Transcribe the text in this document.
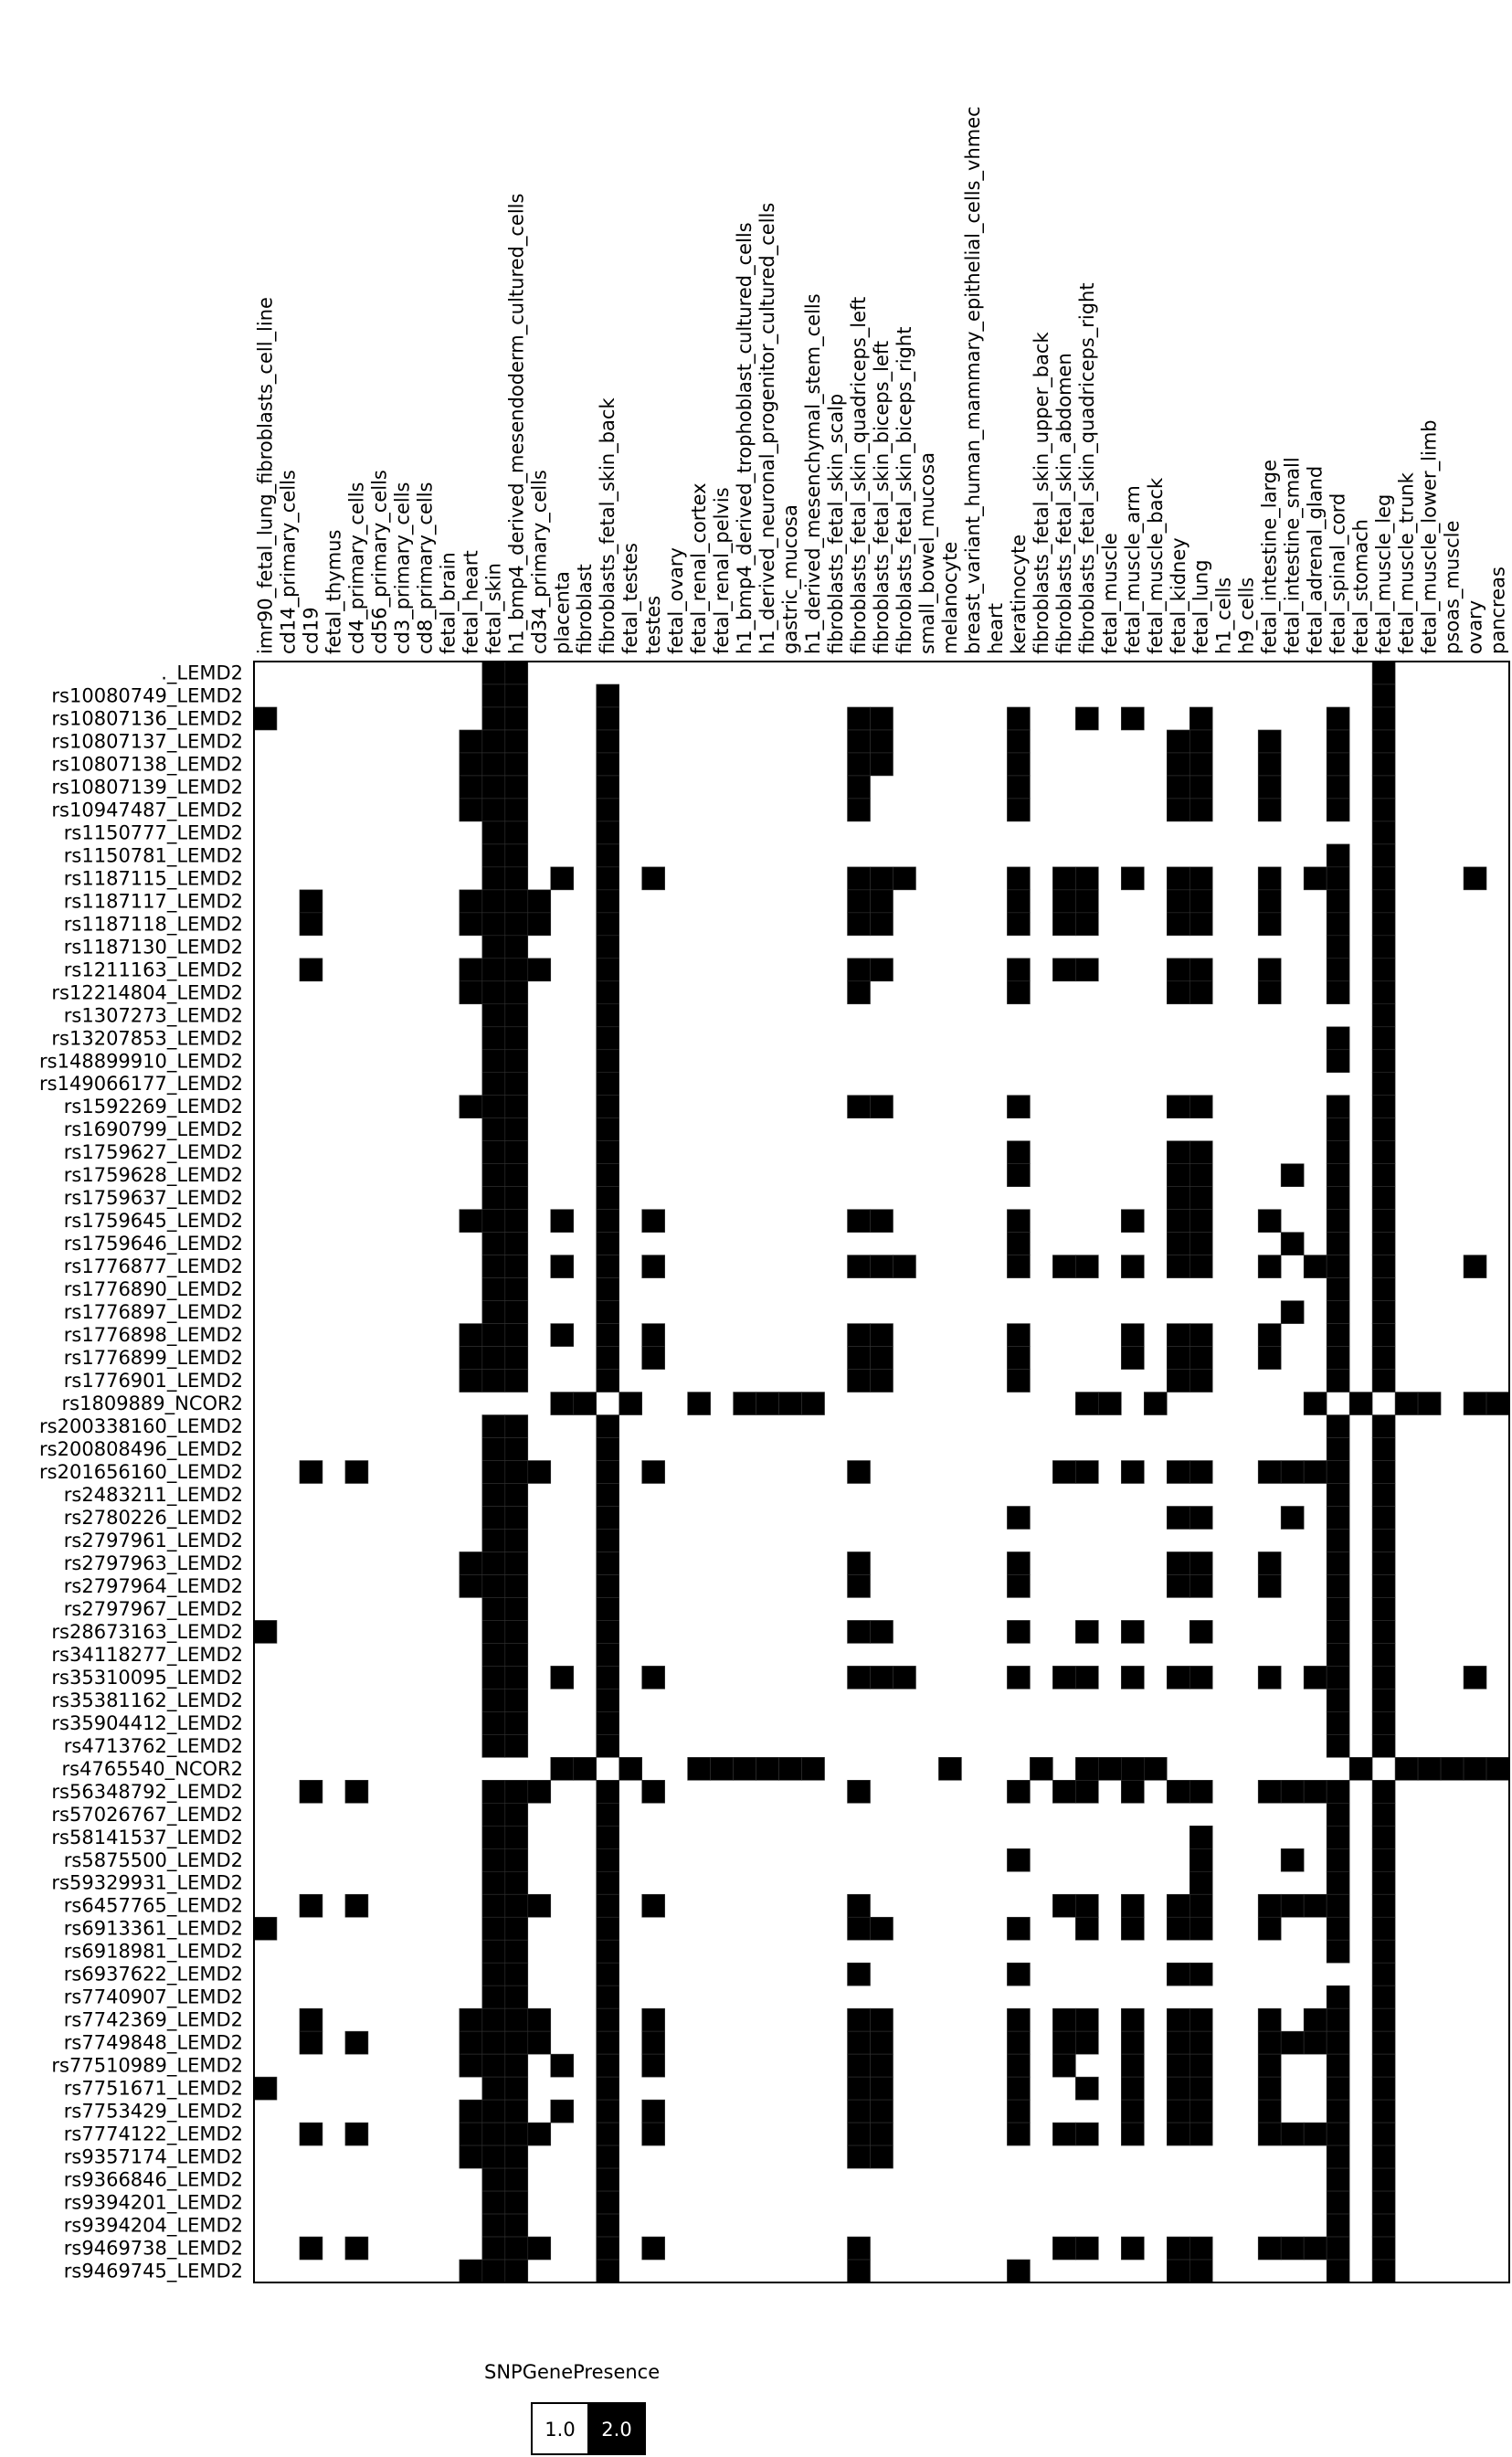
imr90_fetal_lung_fibroblasts_cell_line cd14_primary_cells cd19 fetal_thymus cd4_primary_cells cd56_primary_cells cd3_primary_cells cd8_primary_cells fetal_brain fetal_heart fetal_skin h1_bmp4_derived_mesendoderm_cultured_cells cd34_primary_cells placenta fibroblast fibroblasts_fetal_skin_back fetal_testes testes fetal_ovary fetal_renal_cortex fetal_renal_pelvis h1_bmp4_derived_trophoblast_cultured_cells h1_derived_neuronal_progenitor_cultured_cells gastric_mucosa h1_derived_mesenchymal_stem_cells fibroblasts_fetal_skin_scalp fibroblasts_fetal_skin_quadriceps_left fibroblasts_fetal_skin_biceps_left fibroblasts_fetal_skin_biceps_right small_bowel_mucosa melanocyte breast_variant_human_mammary_epithelial_cells_vhmec heart keratinocyte fibroblasts_fetal_skin_upper_back fibroblasts_fetal_skin_abdomen fibroblasts_fetal_skin_quadriceps_right fetal_muscle fetal_muscle_arm fetal_muscle_back fetal_kidney fetal_lung h1_cells h9_cells fetal_intestine_large fetal_intestine_small fetal_adrenal_gland fetal_spinal_cord fetal_stomach fetal_muscle_leg fetal_muscle_trunk fetal_muscle_lower_limb psoas_muscle ovary pancreas
._LEMD2
rs10080749_LEMD2
rs10807136_LEMD2
rs10807137_LEMD2
rs10807138_LEMD2
rs10807139_LEMD2
rs10947487_LEMD2
rs1150777_LEMD2
rs1150781_LEMD2
rs1187115_LEMD2
rs1187117_LEMD2
rs1187118_LEMD2
rs1187130_LEMD2
rs1211163_LEMD2
rs12214804_LEMD2
rs1307273_LEMD2
rs13207853_LEMD2
rs148899910_LEMD2
rs149066177_LEMD2
rs1592269_LEMD2
rs1690799_LEMD2
rs1759627_LEMD2
rs1759628_LEMD2
rs1759637_LEMD2
rs1759645_LEMD2
rs1759646_LEMD2
rs1776877_LEMD2
rs1776890_LEMD2
rs1776897_LEMD2
rs1776898_LEMD2
rs1776899_LEMD2
rs1776901_LEMD2
rs1809889_NCOR2
rs200338160_LEMD2
rs200808496_LEMD2
rs201656160_LEMD2
rs2483211_LEMD2
rs2780226_LEMD2
rs2797961_LEMD2
rs2797963_LEMD2
rs2797964_LEMD2
rs2797967_LEMD2
rs28673163_LEMD2
rs34118277_LEMD2
rs35310095_LEMD2
rs35381162_LEMD2
rs35904412_LEMD2
rs4713762_LEMD2
rs4765540_NCOR2
rs56348792_LEMD2
rs57026767_LEMD2
rs58141537_LEMD2
rs5875500_LEMD2
rs59329931_LEMD2
rs6457765_LEMD2
rs6913361_LEMD2
rs6918981_LEMD2
rs6937622_LEMD2
rs7740907_LEMD2
rs7742369_LEMD2
rs7749848_LEMD2
rs77510989_LEMD2
rs7751671_LEMD2
rs7753429_LEMD2
rs7774122_LEMD2
rs9357174_LEMD2
rs9366846_LEMD2
rs9394201_LEMD2
rs9394204_LEMD2
rs9469738_LEMD2
rs9469745_LEMD2
SNPGenePresence
1.0 2.0
